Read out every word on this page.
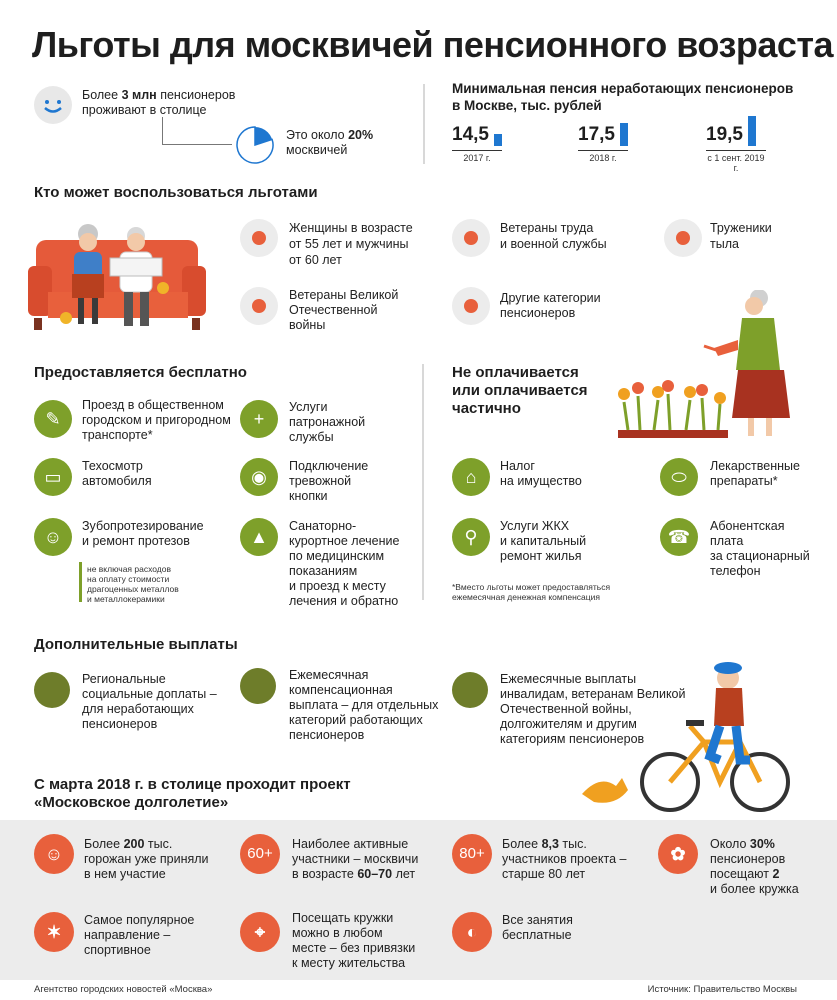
Льготы для москвичей пенсионного возраста
Более 3 млн пенсионеров
проживают в столице
Это около 20%
москвичей
Минимальная пенсия неработающих пенсионеров
в Москве, тыс. рублей
14,5
2017 г.
17,5
2018 г.
19,5
с 1 сент. 2019 г.
Кто может воспользоваться льготами
Женщины в возрасте
от 55 лет и мужчины
от 60 лет
Ветераны труда
и военной службы
Труженики
тыла
Ветераны Великой
Отечественной
войны
Другие категории
пенсионеров
Предоставляется бесплатно
✎
Проезд в общественном
городском и пригородном
транспорте*
+
Услуги
патронажной
службы
▭
Техосмотр
автомобиля	◉
Подключение
тревожной
кнопки
☺
Зубопротезирование
и ремонт протезов
не включая расходов
на оплату стоимости
драгоценных металлов
и металлокерамики
▲
Санаторно-
курортное лечение
по медицинским
показаниям
и проезд к месту
лечения и обратно
Не оплачивается
или оплачивается
частично
⌂
Налог
на имущество	⬭
Лекарственные
препараты*
⚲
Услуги ЖКХ
и капитальный
ремонт жилья
☎
Абонентская
плата
за стационарный
телефон
*Вместо льготы может предоставляться
ежемесячная денежная компенсация
Дополнительные выплаты
Региональные
социальные доплаты –
для неработающих
пенсионеров
Ежемесячная
компенсационная
выплата – для отдельных
категорий работающих
пенсионеров
Ежемесячные выплаты
инвалидам, ветеранам Великой
Отечественной войны,
долгожителям и другим
категориям пенсионеров
С марта 2018 г. в столице проходит проект
«Московское долголетие»
☺	Более 200 тыс.
горожан уже приняли
в нем участие
60+
Наиболее активные
участники – москвичи
в возрасте 60–70 лет
80+
Более 8,3 тыс.
участников проекта –
старше 80 лет
✿	Около 30%
пенсионеров
посещают 2
и более кружка
✶
Самое популярное
направление –
спортивное
⌖
Посещать кружки
можно в любом
месте – без привязки
к месту жительства
◐
Все занятия
бесплатные
Агентство городских новостей «Москва»	Источник: Правительство Москвы
